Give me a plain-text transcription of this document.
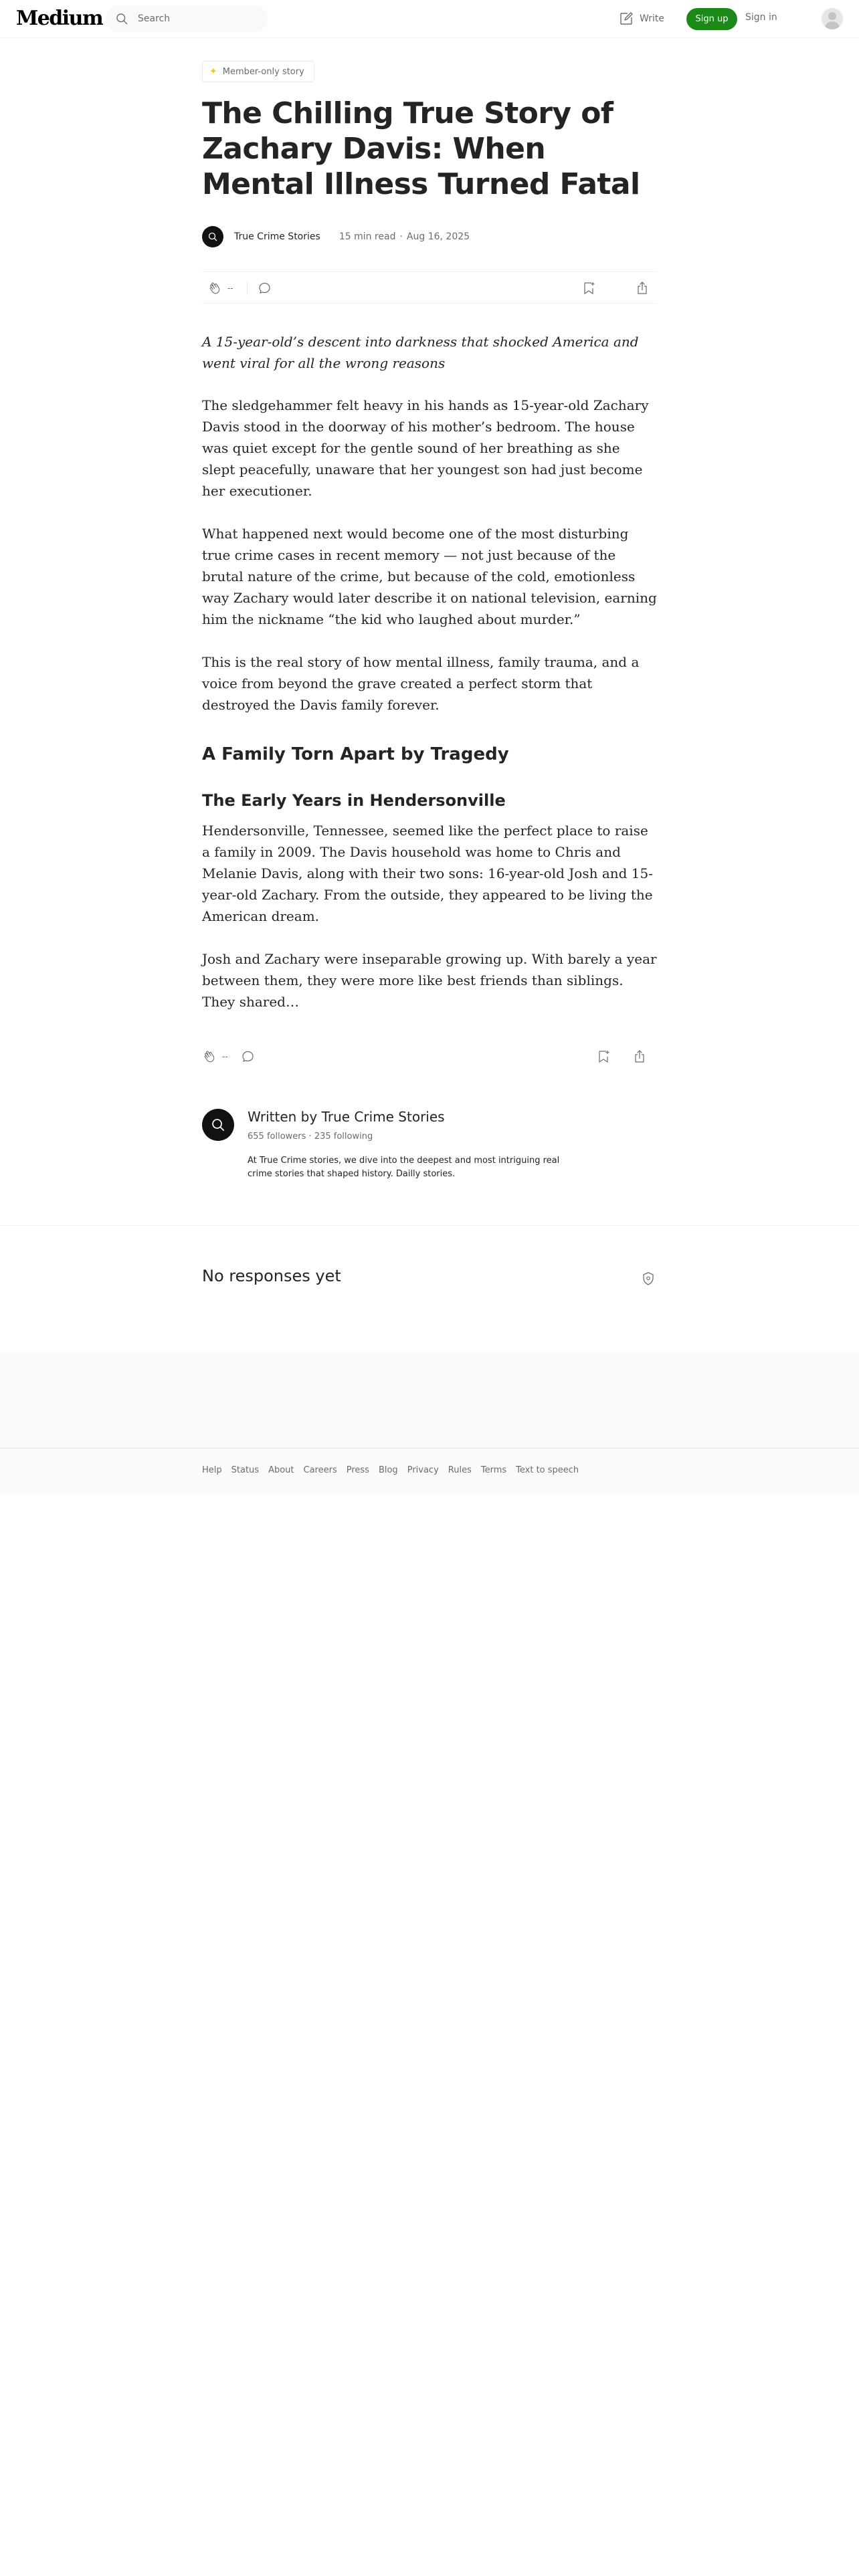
Medium
Search	Write	Sign up	Sign in
✦ Member-only story
The Chilling True Story of Zachary Davis: When Mental Illness Turned Fatal
True Crime Stories 15 min read · Aug 16, 2025
--

A 15-year-old’s descent into darkness that shocked America and went viral for all the wrong reasons

The sledgehammer felt heavy in his hands as 15-year-old Zachary Davis stood in the doorway of his mother’s bedroom. The house was quiet except for the gentle sound of her breathing as she slept peacefully, unaware that her youngest son had just become her executioner.

What happened next would become one of the most disturbing true crime cases in recent memory — not just because of the brutal nature of the crime, but because of the cold, emotionless way Zachary would later describe it on national television, earning him the nickname “the kid who laughed about murder.”

This is the real story of how mental illness, family trauma, and a voice from beyond the grave created a perfect storm that destroyed the Davis family forever.

A Family Torn Apart by Tragedy
The Early Years in Hendersonville

Hendersonville, Tennessee, seemed like the perfect place to raise a family in 2009. The Davis household was home to Chris and Melanie Davis, along with their two sons: 16-year-old Josh and 15-year-old Zachary. From the outside, they appeared to be living the American dream.

Josh and Zachary were inseparable growing up. With barely a year between them, they were more like best friends than siblings. They shared…

--
Written by True Crime Stories
655 followers · 235 following
At True Crime stories, we dive into the deepest and most intriguing real crime stories that shaped history. Dailly stories.
No responses yet
Help Status About Careers Press Blog Privacy Rules Terms Text to speech
